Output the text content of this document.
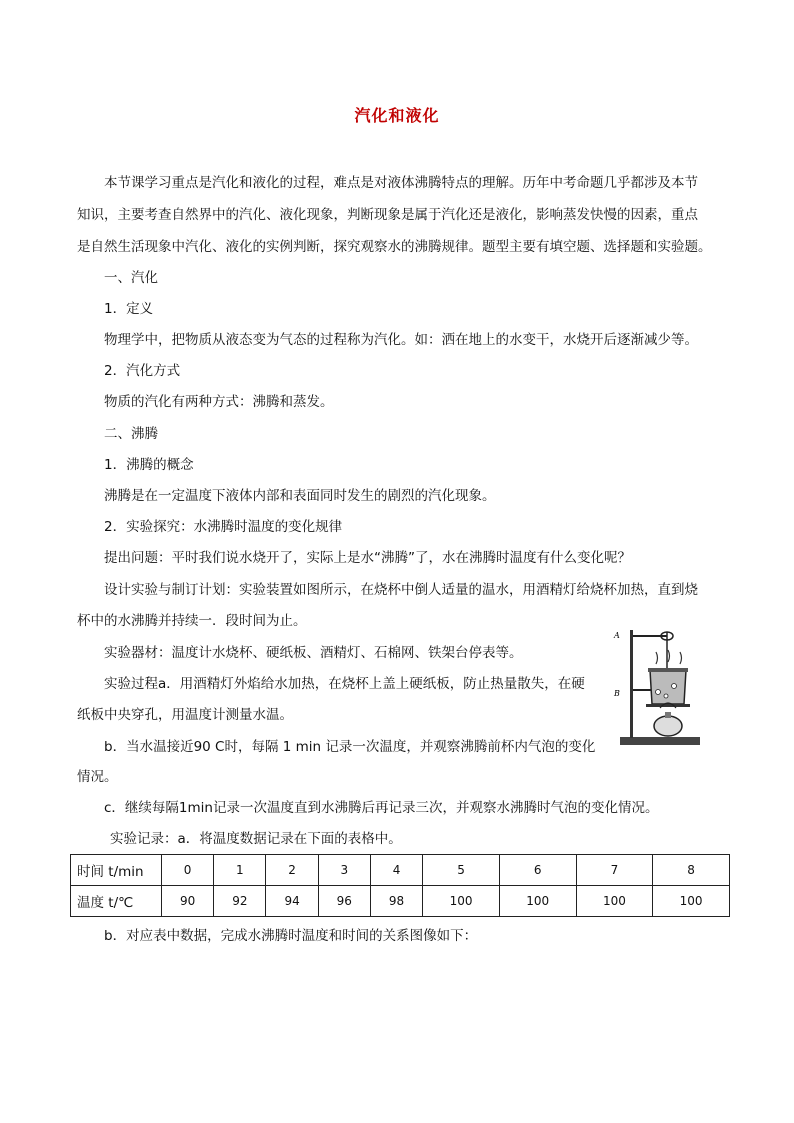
汽化和液化
本节课学习重点是汽化和液化的过程，难点是对液体沸腾特点的理解。历年中考命题几乎都涉及本节
知识，主要考查自然界中的汽化、液化现象，判断现象是属于汽化还是液化，影响蒸发快慢的因素，重点
是自然生活现象中汽化、液化的实例判断，探究观察水的沸腾规律。题型主要有填空题、选择题和实验题。
一、汽化
1．定义
物理学中，把物质从液态变为气态的过程称为汽化。如：洒在地上的水变干，水烧开后逐渐减少等。
2．汽化方式
物质的汽化有两种方式：沸腾和蒸发。
二、沸腾
1．沸腾的概念
沸腾是在一定温度下液体内部和表面同时发生的剧烈的汽化现象。
2．实验探究：水沸腾时温度的变化规律
提出问题：平时我们说水烧开了，实际上是水“沸腾”了，水在沸腾时温度有什么变化呢？
设计实验与制订计划：实验装置如图所示，在烧杯中倒人适量的温水，用酒精灯给烧杯加热，直到烧
杯中的水沸腾并持续一．段时间为止。
实验器材：温度计水烧杯、硬纸板、酒精灯、石棉网、铁架台停表等。
实验过程a．用酒精灯外焰给水加热，在烧杯上盖上硬纸板，防止热量散失，在硬
纸板中央穿孔，用温度计测量水温。
b．当水温接近90 C时，每隔 1 min 记录一次温度，并观察沸腾前杯内气泡的变化
情况。
c．继续每隔1min记录一次温度直到水沸腾后再记录三次，并观察水沸腾时气泡的变化情况。
实验记录：a．将温度数据记录在下面的表格中。
A
B
时间 t/min	0	1	2	3	4	5	6	7	8
温度 t/℃	90	92	94	96	98	100	100	100	100
b．对应表中数据，完成水沸腾时温度和时间的关系图像如下：
